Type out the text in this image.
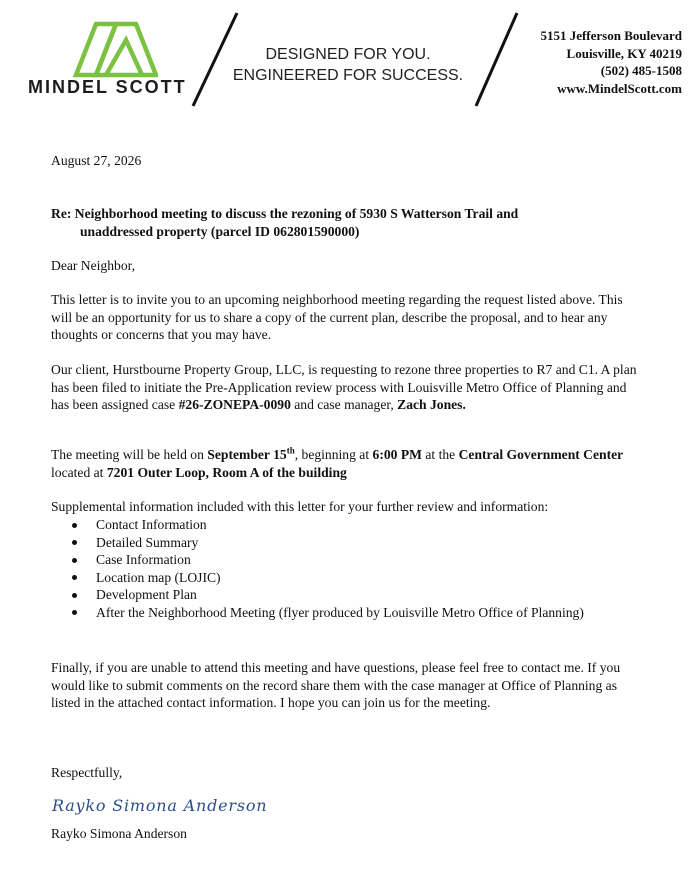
MINDEL SCOTT
DESIGNED FOR YOU.
ENGINEERED FOR SUCCESS.
5151 Jefferson Boulevard
Louisville, KY 40219
(502) 485-1508
www.MindelScott.com
August 27, 2026
Re: Neighborhood meeting to discuss the rezoning of 5930 S Watterson Trail and
unaddressed property (parcel ID 062801590000)
Dear Neighbor,
This letter is to invite you to an upcoming neighborhood meeting regarding the request listed above. This will be an opportunity for us to share a copy of the current plan, describe the proposal, and to hear any thoughts or concerns that you may have.
Our client, Hurstbourne Property Group, LLC, is requesting to rezone three properties to R7 and C1. A plan has been filed to initiate the Pre-Application review process with Louisville Metro Office of Planning and has been assigned case #26-ZONEPA-0090 and case manager, Zach Jones.
The meeting will be held on September 15th, beginning at 6:00 PM at the Central Government Center located at 7201 Outer Loop, Room A of the building
Supplemental information included with this letter for your further review and information:
Contact Information
Detailed Summary
Case Information
Location map (LOJIC)
Development Plan
After the Neighborhood Meeting (flyer produced by Louisville Metro Office of Planning)
Finally, if you are unable to attend this meeting and have questions, please feel free to contact me. If you would like to submit comments on the record share them with the case manager at Office of Planning as listed in the attached contact information. I hope you can join us for the meeting.
Respectfully,
Rayko Simona Anderson
Rayko Simona Anderson
